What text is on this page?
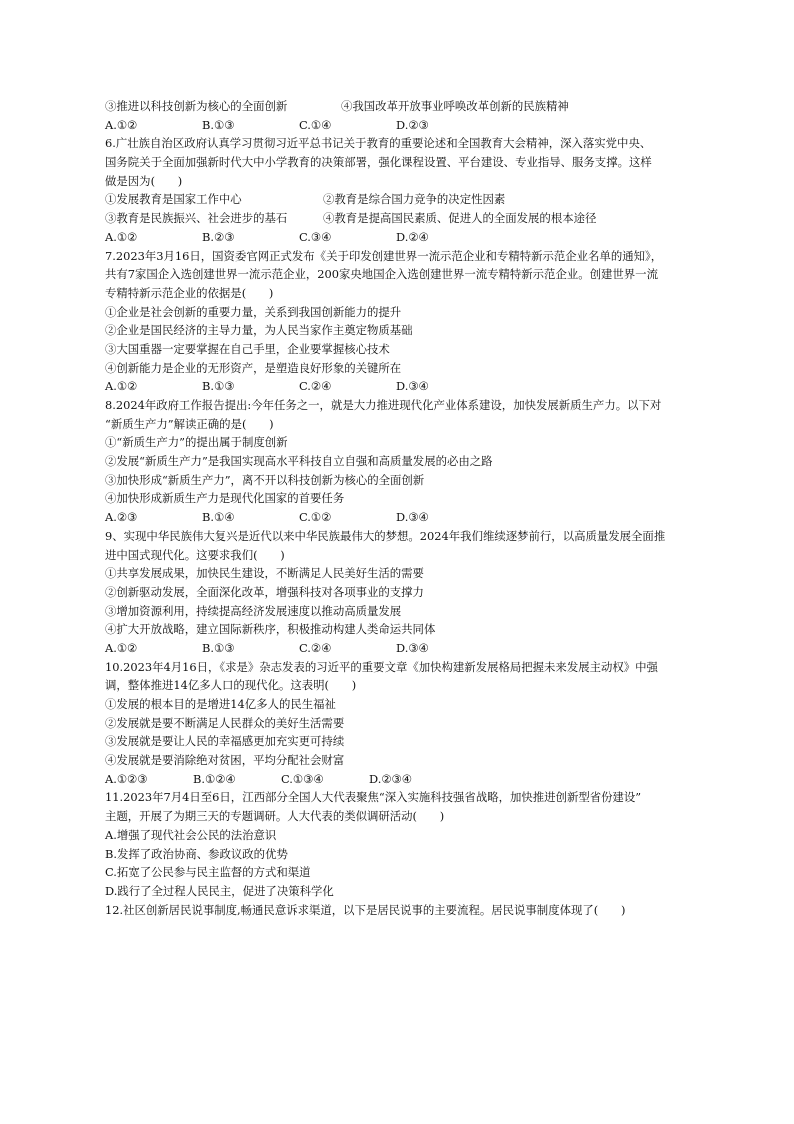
③推进以科技创新为核心的全面创新	④我国改革开放事业呼唤改革创新的民族精神
A.①②	B.①③	C.①④	D.②③
6.广壮族自治区政府认真学习贯彻习近平总书记关于教育的重要论述和全国教育大会精神，深入落实党中央、
国务院关于全面加强新时代大中小学教育的决策部署，强化课程设置、平台建设、专业指导、服务支撑。这样
做是因为(　　)
①发展教育是国家工作中心	②教育是综合国力竞争的决定性因素
③教育是民族振兴、社会进步的基石	④教育是提高国民素质、促进人的全面发展的根本途径
A.①②	B.②③	C.③④	D.②④
7.2023年3月16日，国资委官网正式发布《关于印发创建世界一流示范企业和专精特新示范企业名单的通知》，
共有7家国企入选创建世界一流示范企业，200家央地国企入选创建世界一流专精特新示范企业。创建世界一流
专精特新示范企业的依据是(　　)
①企业是社会创新的重要力量，关系到我国创新能力的提升
②企业是国民经济的主导力量，为人民当家作主奠定物质基础
③大国重器一定要掌握在自己手里，企业要掌握核心技术
④创新能力是企业的无形资产，是塑造良好形象的关键所在
A.①②	B.①③	C.②④	D.③④
8.2024年政府工作报告提出:今年任务之一，就是大力推进现代化产业体系建设，加快发展新质生产力。以下对
“新质生产力”解读正确的是(　　)
①“新质生产力”的提出属于制度创新
②发展“新质生产力”是我国实现高水平科技自立自强和高质量发展的必由之路
③加快形成“新质生产力”，离不开以科技创新为核心的全面创新
④加快形成新质生产力是现代化国家的首要任务
A.②③	B.①④	C.①②	D.③④
9、实现中华民族伟大复兴是近代以来中华民族最伟大的梦想。2024年我们维续逐梦前行，以高质量发展全面推
进中国式现代化。这要求我们(　　)
①共享发展成果，加快民生建设，不断满足人民美好生活的需要
②创新驱动发展，全面深化改革，增强科技对各项事业的支撑力
③增加资源利用，持续提高经济发展速度以推动高质量发展
④扩大开放战略，建立国际新秩序，积极推动构建人类命运共同体
A.①②	B.①③	C.②④	D.③④
10.2023年4月16日，《求是》杂志发表的习近平的重要文章《加快构建新发展格局把握未来发展主动权》中强
调，整体推进14亿多人口的现代化。这表明(　　)
①发展的根本目的是增进14亿多人的民生福祉
②发展就是要不断满足人民群众的美好生活需要
③发展就是要让人民的幸福感更加充实更可持续
④发展就是要消除绝对贫困，平均分配社会财富
A.①②③	B.①②④	C.①③④	D.②③④
11.2023年7月4日至6日，江西部分全国人大代表聚焦“深入实施科技强省战略，加快推进创新型省份建设”
主题，开展了为期三天的专题调研。人大代表的类似调研活动(　　)
A.增强了现代社会公民的法治意识
B.发挥了政治协商、参政议政的优势
C.拓宽了公民参与民主监督的方式和渠道
D.践行了全过程人民民主，促进了决策科学化
12.社区创新居民说事制度,畅通民意诉求渠道，以下是居民说事的主要流程。居民说事制度体现了(　　)
